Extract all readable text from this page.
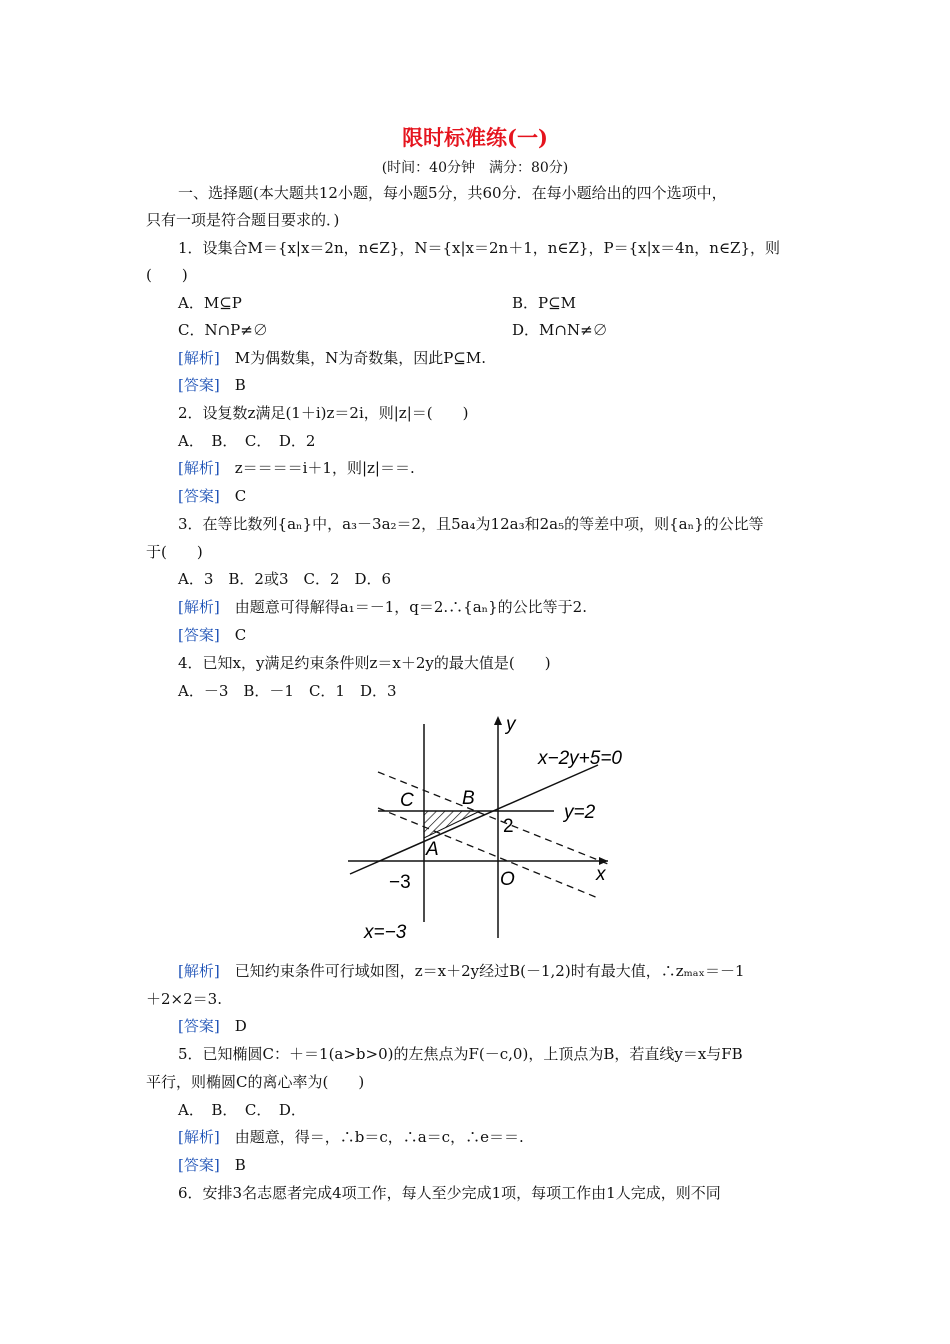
限时标准练(一)
(时间：40分钟　满分：80分)
一、选择题(本大题共12小题，每小题5分，共60分．在每小题给出的四个选项中，
只有一项是符合题目要求的．)
1．设集合M＝{x|x＝2n，n∈Z}，N＝{x|x＝2n＋1，n∈Z}，P＝{x|x＝4n，n∈Z}，则
(　　)
A．M⊆P	B．P⊆M
C．N∩P≠∅	D．M∩N≠∅
[解析]　 M为偶数集，N为奇数集，因此P⊆M.
[答案]　 B
2．设复数z满足(1＋i)z＝2i，则|z|＝(　　)
A．　B．　C．　D．2
[解析]　 z＝＝＝＝i＋1，则|z|＝＝.
[答案]　 C
3．在等比数列{aₙ}中，a₃－3a₂＝2，且5a₄为12a₃和2a₅的等差中项，则{aₙ}的公比等
于(　　)
A．3　B．2或3　C．2　D．6
[解析]　 由题意可得解得a₁＝－1，q＝2.∴{aₙ}的公比等于2.
[答案]　 C
4．已知x，y满足约束条件则z＝x＋2y的最大值是(　　)
A．－3　B．－1　C．1　D．3
y
x
x−2y+5=0
y=2
x=−3
B
C
A
O
2
−3
[解析]　 已知约束条件可行域如图，z＝x＋2y经过B(－1,2)时有最大值，∴zₘₐₓ＝－1
＋2×2＝3.
[答案]　 D
5．已知椭圆C：＋＝1(a>b>0)的左焦点为F(－c,0)，上顶点为B，若直线y＝x与FB
平行，则椭圆C的离心率为(　　)
A．　B．　C．　D．
[解析]　 由题意，得＝，∴b＝c，∴a＝c，∴e＝＝.
[答案]　 B
6．安排3名志愿者完成4项工作，每人至少完成1项，每项工作由1人完成，则不同
